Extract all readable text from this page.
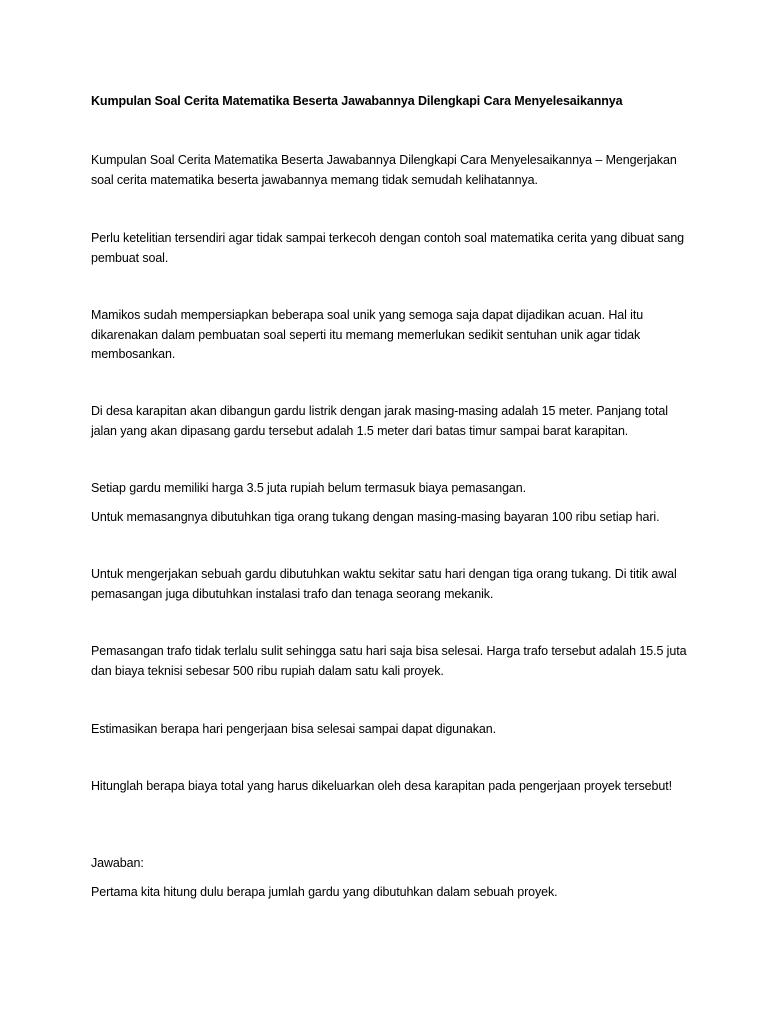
Kumpulan Soal Cerita Matematika Beserta Jawabannya Dilengkapi Cara Menyelesaikannya

Kumpulan Soal Cerita Matematika Beserta Jawabannya Dilengkapi Cara Menyelesaikannya – Mengerjakan soal cerita matematika beserta jawabannya memang tidak semudah kelihatannya.

Perlu ketelitian tersendiri agar tidak sampai terkecoh dengan contoh soal matematika cerita yang dibuat sang pembuat soal.

Mamikos sudah mempersiapkan beberapa soal unik yang semoga saja dapat dijadikan acuan. Hal itu dikarenakan dalam pembuatan soal seperti itu memang memerlukan sedikit sentuhan unik agar tidak membosankan.

Di desa karapitan akan dibangun gardu listrik dengan jarak masing-masing adalah 15 meter. Panjang total jalan yang akan dipasang gardu tersebut adalah 1.5 meter dari batas timur sampai barat karapitan.

Setiap gardu memiliki harga 3.5 juta rupiah belum termasuk biaya pemasangan.

Untuk memasangnya dibutuhkan tiga orang tukang dengan masing-masing bayaran 100 ribu setiap hari.

Untuk mengerjakan sebuah gardu dibutuhkan waktu sekitar satu hari dengan tiga orang tukang. Di titik awal pemasangan juga dibutuhkan instalasi trafo dan tenaga seorang mekanik.

Pemasangan trafo tidak terlalu sulit sehingga satu hari saja bisa selesai. Harga trafo tersebut adalah 15.5 juta dan biaya teknisi sebesar 500 ribu rupiah dalam satu kali proyek.

Estimasikan berapa hari pengerjaan bisa selesai sampai dapat digunakan.

Hitunglah berapa biaya total yang harus dikeluarkan oleh desa karapitan pada pengerjaan proyek tersebut!

Jawaban:

Pertama kita hitung dulu berapa jumlah gardu yang dibutuhkan dalam sebuah proyek.
